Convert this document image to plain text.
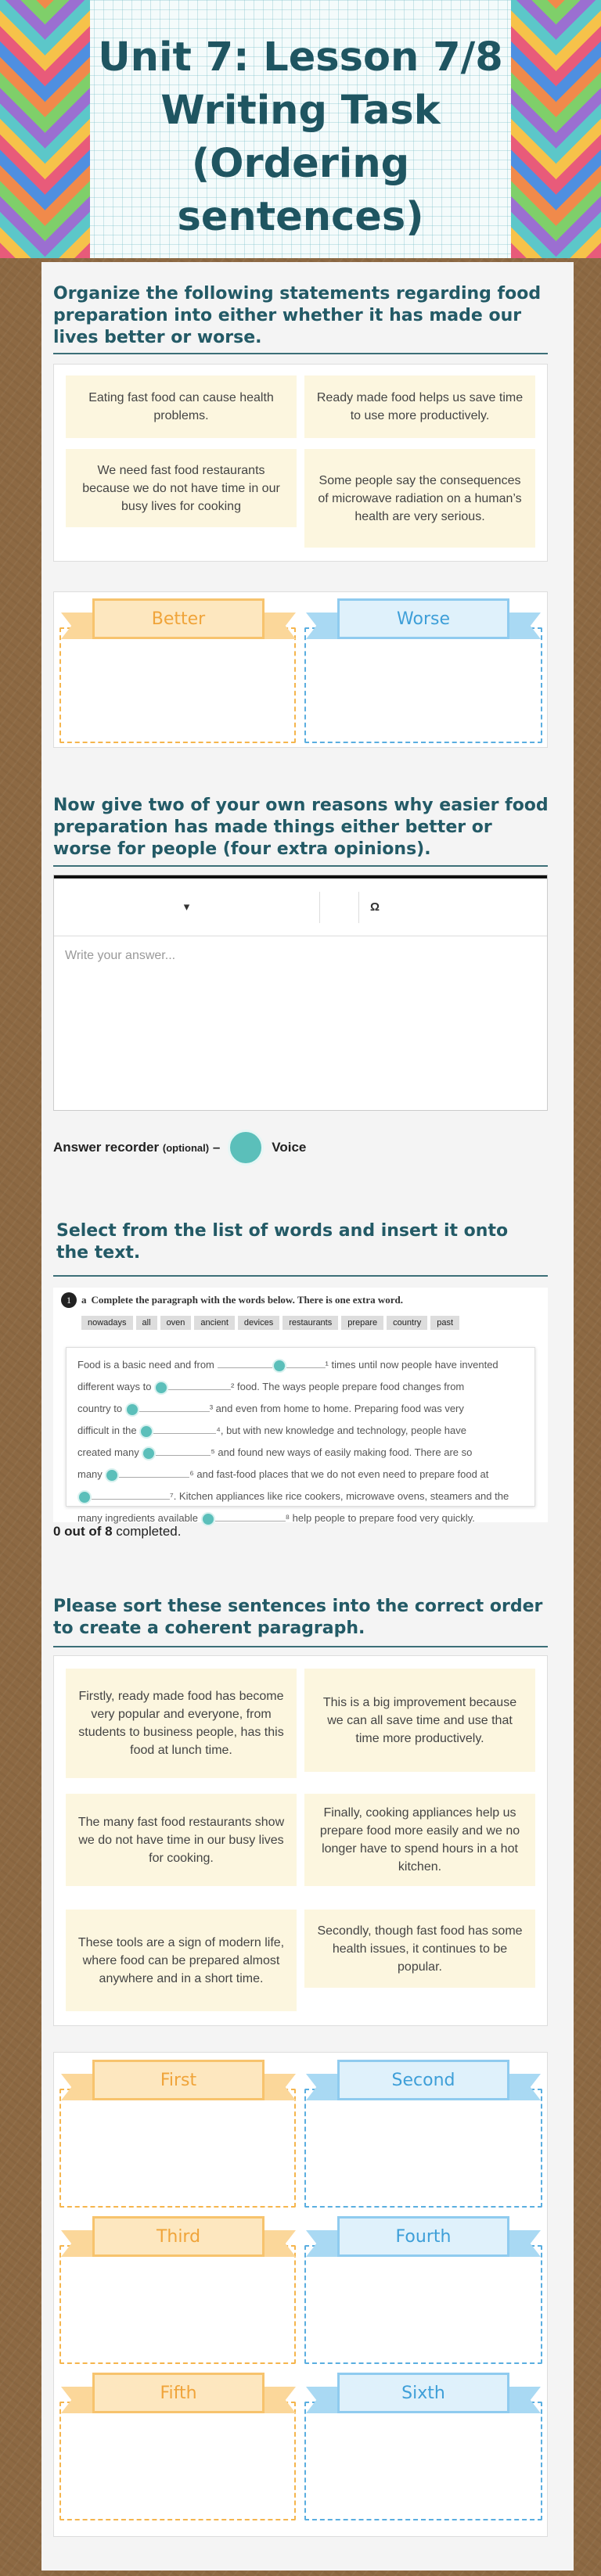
Unit 7: Lesson 7/8 Writing Task (Ordering sentences)
Organize the following statements regarding food preparation into either whether it has made our lives better or worse.
Eating fast food can cause health problems.
Ready made food helps us save time to use more productively.
We need fast food restaurants because we do not have time in our busy lives for cooking
Some people say the consequences of microwave radiation on a human’s health are very serious.
Better	Worse
Now give two of your own reasons why easier food preparation has made things either better or worse for people (four extra opinions).
▾	Ω
Write your answer...
Answer recorder (optional) –	Voice
Select from the list of words and insert it onto the text.
1	a Complete the paragraph with the words below. There is one extra word.
nowadays	all	oven	ancient	devices	restaurants	prepare	country	past
Food is a basic need and from	¹ times until now people have invented
different ways to	² food. The ways people prepare food changes from
country to	³ and even from home to home. Preparing food was very
difficult in the	⁴, but with new knowledge and technology, people have
created many	⁵ and found new ways of easily making food. There are so
many	⁶ and fast-food places that we do not even need to prepare food at
⁷. Kitchen appliances like rice cookers, microwave ovens, steamers and the
many ingredients available	⁸ help people to prepare food very quickly.
0 out of 8 completed.
Please sort these sentences into the correct order to create a coherent paragraph.
Firstly, ready made food has become very popular and everyone, from students to business people, has this food at lunch time.
This is a big improvement because we can all save time and use that time more productively.
The many fast food restaurants show we do not have time in our busy lives for cooking.
Finally, cooking appliances help us prepare food more easily and we no longer have to spend hours in a hot kitchen.
These tools are a sign of modern life, where food can be prepared almost anywhere and in a short time.
Secondly, though fast food has some health issues, it continues to be popular.
First	Second
Third	Fourth
Fifth	Sixth
